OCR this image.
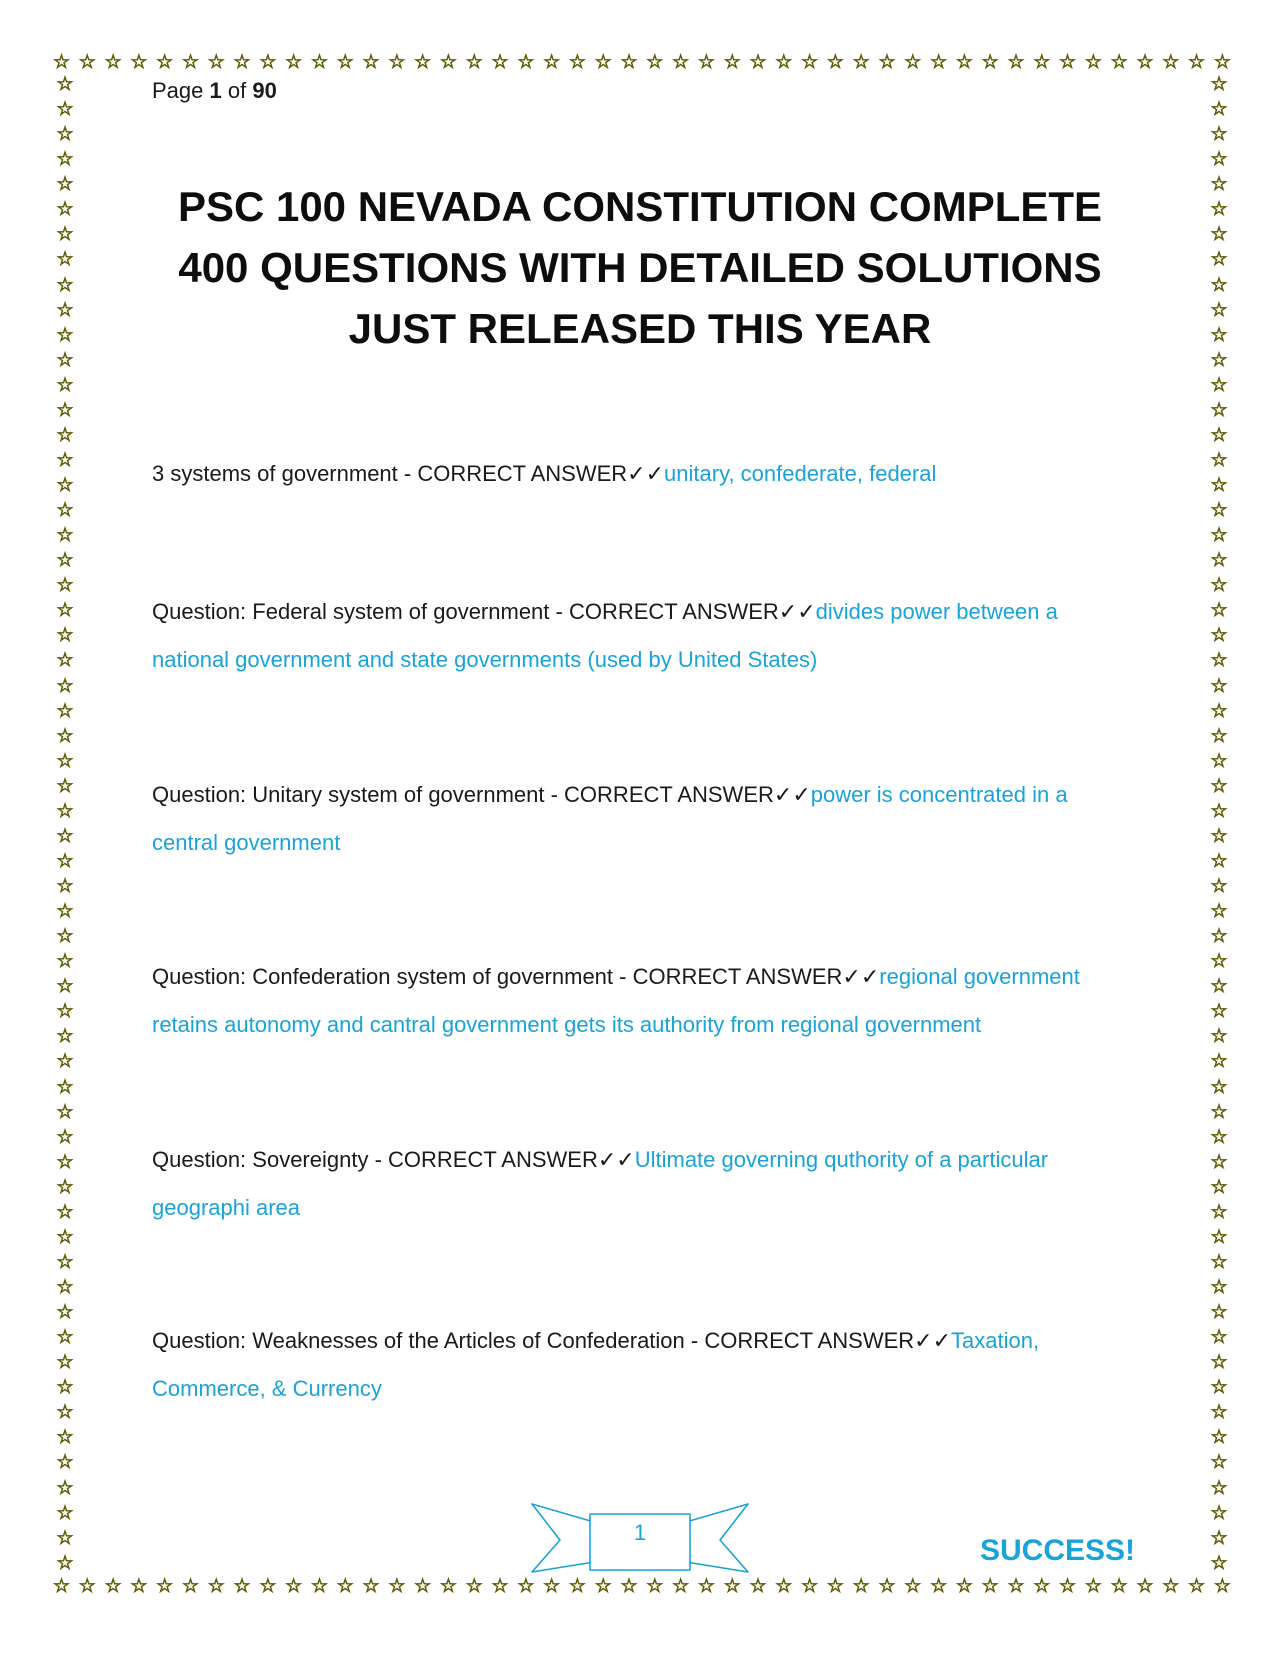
☆ ☆ ☆ ☆ ☆ ☆ ☆ ☆ ☆ ☆ ☆ ☆ ☆ ☆ ☆ ☆ ☆ ☆ ☆ ☆ ☆ ☆ ☆ ☆ ☆ ☆ ☆ ☆ ☆ ☆ ☆ ☆ ☆ ☆ ☆ ☆ ☆ ☆ ☆ ☆ ☆ ☆ ☆ ☆ ☆ ☆
☆ ☆ ☆ ☆ ☆ ☆ ☆ ☆ ☆ ☆ ☆ ☆ ☆ ☆ ☆ ☆ ☆ ☆ ☆ ☆ ☆ ☆ ☆ ☆ ☆ ☆ ☆ ☆ ☆ ☆ ☆ ☆ ☆ ☆ ☆ ☆ ☆ ☆ ☆ ☆ ☆ ☆ ☆ ☆ ☆ ☆
☆
☆
☆
☆
☆
☆
☆
☆
☆
☆
☆
☆
☆
☆
☆
☆
☆
☆
☆
☆
☆
☆
☆
☆
☆
☆
☆
☆
☆
☆
☆
☆
☆
☆
☆
☆
☆
☆
☆
☆
☆
☆
☆
☆
☆
☆
☆
☆
☆
☆
☆
☆
☆
☆
☆
☆
☆
☆
☆
☆
☆
☆
☆
☆
☆
☆
☆
☆
☆
☆
☆
☆
☆
☆
☆
☆
☆
☆
☆
☆
☆
☆
☆
☆
☆
☆
☆
☆
☆
☆
☆
☆
☆
☆
☆
☆
☆
☆
☆
☆
☆
☆
☆
☆
☆
☆
☆
☆
☆
☆
☆
☆
☆
☆
☆
☆
☆
☆
☆
☆
Page 1 of 90
PSC 100 NEVADA CONSTITUTION COMPLETE
400 QUESTIONS WITH DETAILED SOLUTIONS
JUST RELEASED THIS YEAR

3 systems of government - CORRECT ANSWER✓✓unitary, confederate, federal

Question: Federal system of government - CORRECT ANSWER✓✓divides power between a national government and state governments (used by United States)

Question: Unitary system of government - CORRECT ANSWER✓✓power is concentrated in a central government

Question: Confederation system of government - CORRECT ANSWER✓✓regional government retains autonomy and cantral government gets its authority from regional government

Question: Sovereignty - CORRECT ANSWER✓✓Ultimate governing quthority of a particular geographi area

Question: Weaknesses of the Articles of Confederation - CORRECT ANSWER✓✓Taxation, Commerce, & Currency

1
SUCCESS!
